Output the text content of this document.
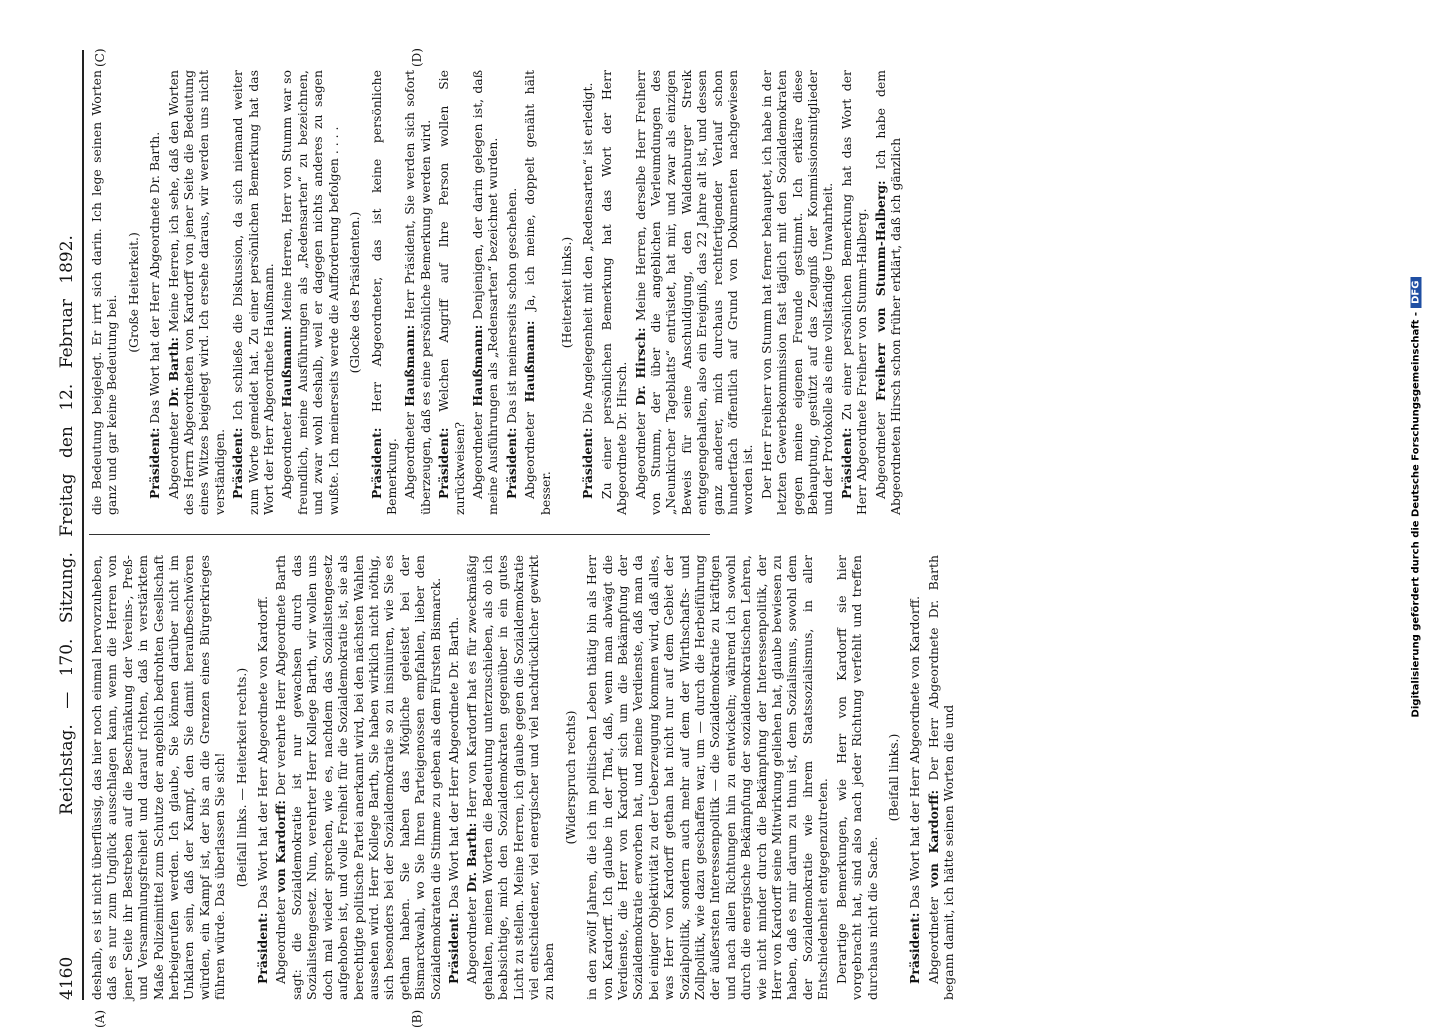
4160
Reichstag. — 170. Sitzung. Freitag den 12. Februar 1892.
(A)	(B)
(C)	(D)

deshalb, es ist nicht überflüssig, das hier noch einmal hervorzuheben, daß es nur zum Unglück ausschlagen kann, wenn die Herren von jener Seite ihr Bestreben auf die Beschränkung der Vereins-, Preß- und Versammlungsfreiheit und darauf richten, daß in verstärktem Maße Polizeimittel zum Schutze der angeblich bedrohten Gesellschaft herbeigerufen werden. Ich glaube, Sie können darüber nicht im Unklaren sein, daß der Kampf, den Sie damit heraufbeschwören würden, ein Kampf ist, der bis an die Grenzen eines Bürgerkrieges führen würde. Das überlassen Sie sich! (Beifall links. — Heiterkeit rechts.)

Präsident: Das Wort hat der Herr Abgeordnete von Kardorff.

Abgeordneter von Kardorff: Der verehrte Herr Abgeordnete Barth sagt: die Sozialdemokratie ist nur gewachsen durch das Sozialistengesetz. Nun, verehrter Herr Kollege Barth, wir wollen uns doch mal wieder sprechen, wie es, nachdem das Sozialistengesetz aufgehoben ist, und volle Freiheit für die Sozialdemokratie ist, sie als berechtigte politische Partei anerkannt wird, bei den nächsten Wahlen aussehen wird. Herr Kollege Barth, Sie haben wirklich nicht nöthig, sich besonders bei der Sozialdemokratie so zu insinuiren, wie Sie es gethan haben. Sie haben das Mögliche geleistet bei der Bismarckwahl, wo Sie Ihren Parteigenossen empfahlen, lieber den Sozialdemokraten die Stimme zu geben als dem Fürsten Bismarck. Präsident: Das Wort hat der Herr Abgeordnete Dr. Barth.

Abgeordneter Dr. Barth: Herr von Kardorff hat es für zweckmäßig gehalten, meinen Worten die Bedeutung unterzuschieben, als ob ich beabsichtige, mich den Sozialdemokraten gegenüber in ein gutes Licht zu stellen. Meine Herren, ich glaube gegen die Sozialdemokratie viel entschiedener, viel energischer und viel nachdrücklicher gewirkt zu haben

(Widerspruch rechts) in den zwölf Jahren, die ich im politischen Leben thätig bin als Herr von Kardorff. Ich glaube in der That, daß, wenn man abwägt die Verdienste, die Herr von Kardorff sich um die Bekämpfung der Sozialdemokratie erworben hat, und meine Verdienste, daß man da bei einiger Objektivität zu der Ueberzeugung kommen wird, daß alles, was Herr von Kardorff gethan hat nicht nur auf dem Gebiet der Sozialpolitik, sondern auch mehr auf dem der Wirthschafts- und Zollpolitik, wie dazu geschaffen war, um — durch die Herbeiführung der äußersten Interessenpolitik — die Sozialdemokratie zu kräftigen und nach allen Richtungen hin zu entwickeln; während ich sowohl durch die energische Bekämpfung der sozialdemokratischen Lehren, wie nicht minder durch die Bekämpfung der Interessenpolitik, der Herr von Kardorff seine Mitwirkung geliehen hat, glaube bewiesen zu haben, daß es mir darum zu thun ist, dem Sozialismus, sowohl dem der Sozialdemokratie wie ihrem Staatssozialismus, in aller Entschiedenheit entgegenzutreten. Derartige Bemerkungen, wie Herr von Kardorff sie hier vorgebracht hat, sind also nach jeder Richtung verfehlt und treffen durchaus nicht die Sache.

(Beifall links.)

Präsident: Das Wort hat der Herr Abgeordnete von Kardorff.

Abgeordneter von Kardorff: Der Herr Abgeordnete Dr. Barth begann damit, ich hätte seinen Worten die und

die Bedeutung beigelegt. Er irrt sich darin. Ich lege seinen Worten ganz und gar keine Bedeutung bei.

(Große Heiterkeit.)

Präsident: Das Wort hat der Herr Abgeordnete Dr. Barth.

Abgeordneter Dr. Barth: Meine Herren, ich sehe, daß den Worten des Herrn Abgeordneten von Kardorff von jener Seite die Bedeutung eines Witzes beigelegt wird. Ich ersehe daraus, wir werden uns nicht verständigen. Präsident: Ich schließe die Diskussion, da sich niemand weiter zum Worte gemeldet hat. Zu einer persönlichen Bemerkung hat das Wort der Herr Abgeordnete Haußmann. Abgeordneter Haußmann: Meine Herren, Herr von Stumm war so freundlich, meine Ausführungen als „Redensarten“ zu bezeichnen, und zwar wohl deshalb, weil er dagegen nichts anderes zu sagen wußte. Ich meinerseits werde die Aufforderung befolgen . . . . (Glocke des Präsidenten.)

Präsident: Herr Abgeordneter, das ist keine persönliche Bemerkung. Abgeordneter Haußmann: Herr Präsident, Sie werden sich sofort überzeugen, daß es eine persönliche Bemerkung werden wird. Präsident: Welchen Angriff auf Ihre Person wollen Sie zurückweisen? Abgeordneter Haußmann: Denjenigen, der darin gelegen ist, daß meine Ausführungen als „Redensarten“ bezeichnet wurden. Präsident: Das ist meinerseits schon geschehen.

Abgeordneter Haußmann: Ja, ich meine, doppelt genäht hält besser.

(Heiterkeit links.)

Präsident: Die Angelegenheit mit den „Redensarten“ ist erledigt. Zu einer persönlichen Bemerkung hat das Wort der Herr Abgeordnete Dr. Hirsch. Abgeordneter Dr. Hirsch: Meine Herren, derselbe Herr Freiherr von Stumm, der über die angeblichen Verleumdungen des „Neunkircher Tageblatts“ entrüstet, hat mir, und zwar als einzigen Beweis für seine Anschuldigung, den Waldenburger Streik entgegengehalten, also ein Ereigniß, das 22 Jahre alt ist, und dessen ganz anderer, mich durchaus rechtfertigender Verlauf schon hundertfach öffentlich auf Grund von Dokumenten nachgewiesen worden ist. Der Herr Freiherr von Stumm hat ferner behauptet, ich habe in der letzten Gewerbekommission fast täglich mit den Sozialdemokraten gegen meine eigenen Freunde gestimmt. Ich erkläre diese Behauptung, gestützt auf das Zeugniß der Kommissionsmitglieder und der Protokolle als eine vollständige Unwahrheit. Präsident: Zu einer persönlichen Bemerkung hat das Wort der Herr Abgeordnete Freiherr von Stumm-Halberg. Abgeordneter Freiherr von Stumm-Halberg: Ich habe dem Abgeordneten Hirsch schon früher erklärt, daß ich gänzlich	Digitalisierung gefördert durch die Deutsche Forschungsgemeinschaft -DFG
